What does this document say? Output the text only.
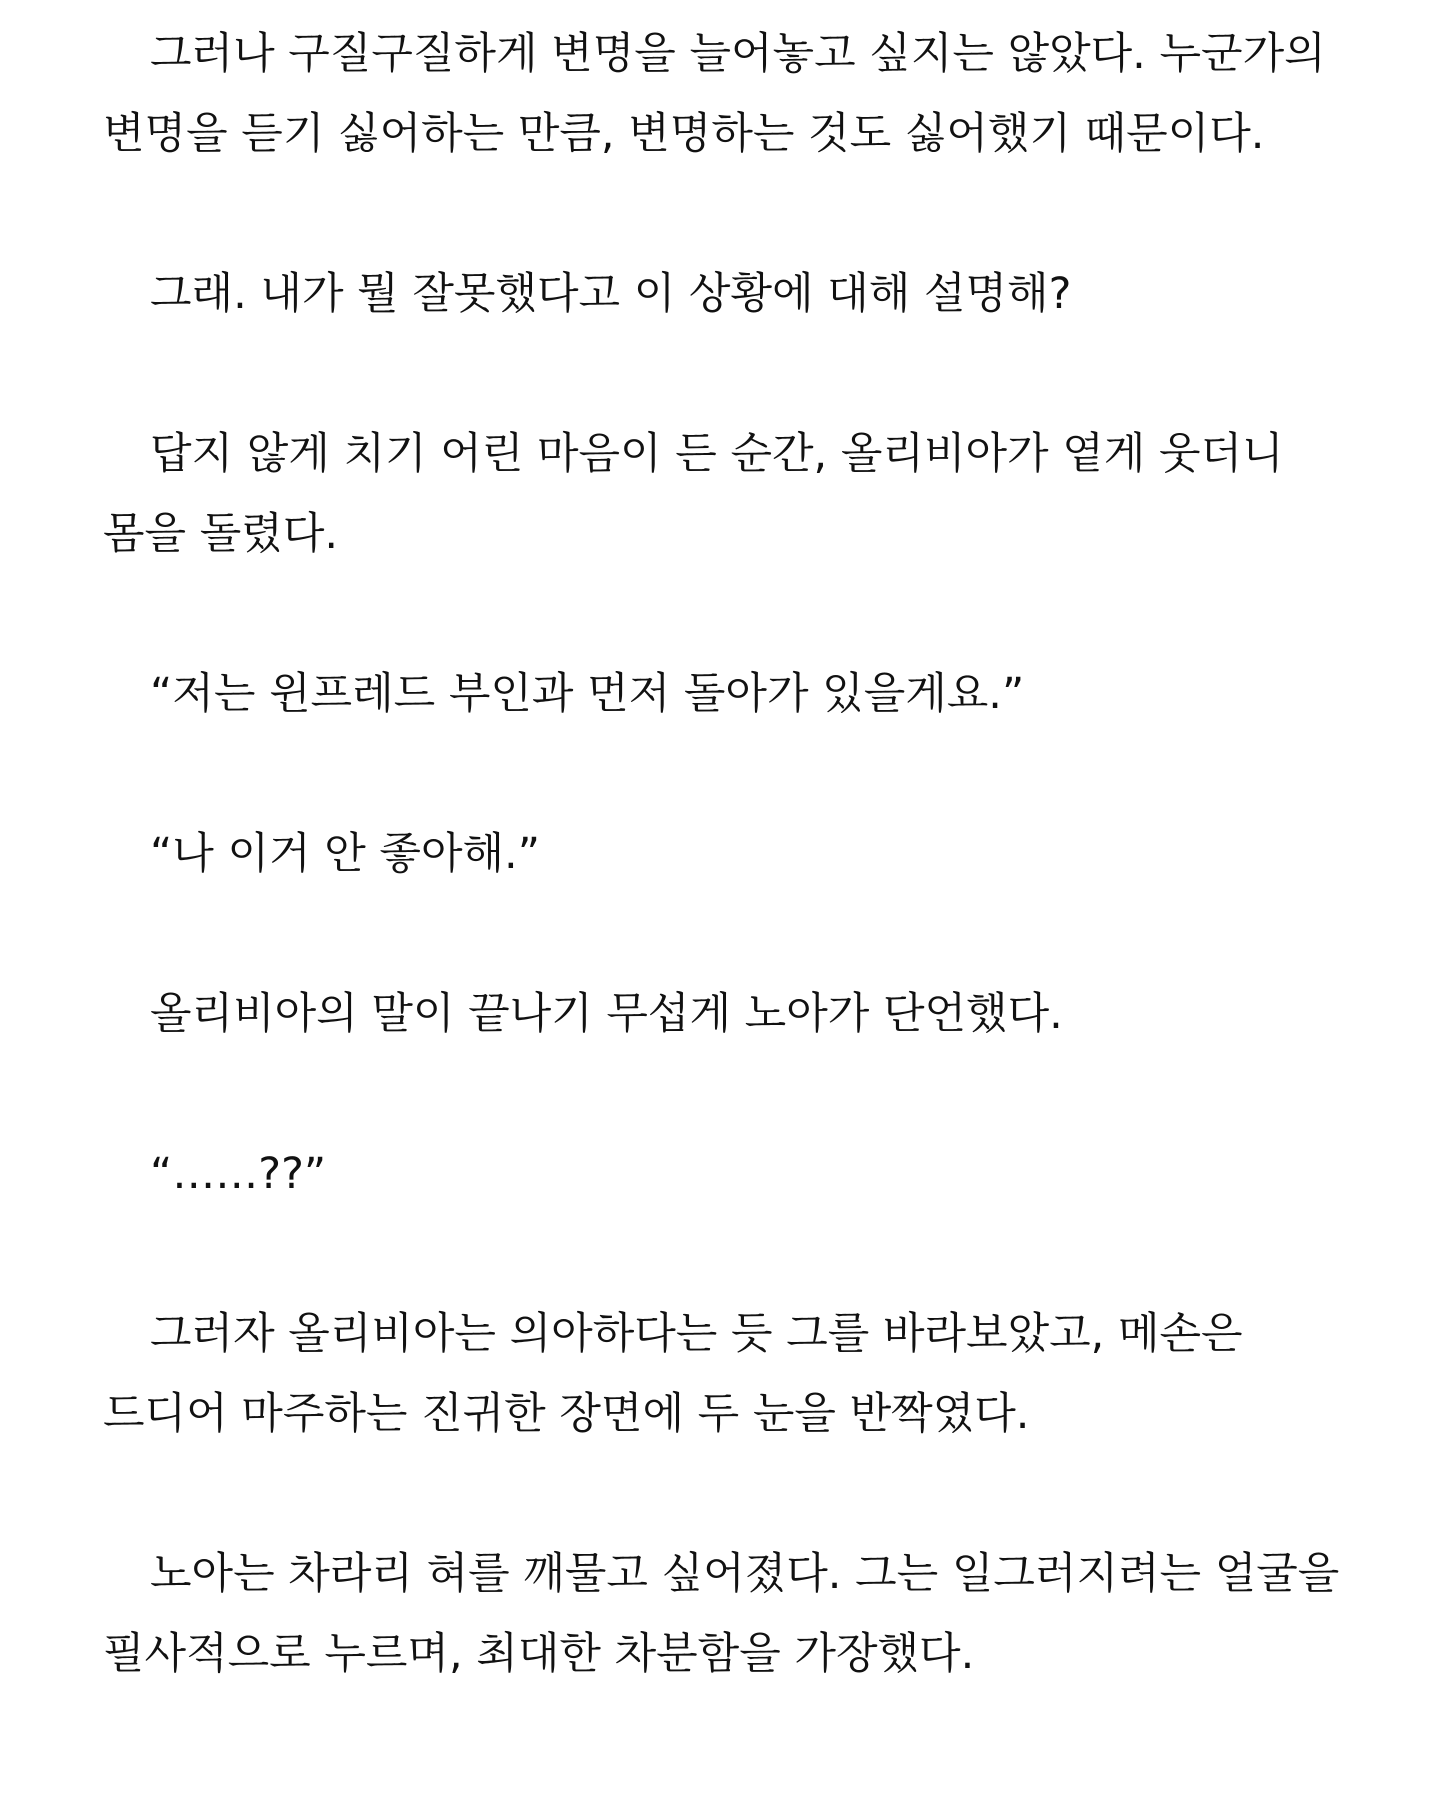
그러나 구질구질하게 변명을 늘어놓고 싶지는 않았다. 누군가의 변명을 듣기 싫어하는 만큼, 변명하는 것도 싫어했기 때문이다.

그래. 내가 뭘 잘못했다고 이 상황에 대해 설명해?

답지 않게 치기 어린 마음이 든 순간, 올리비아가 옅게 웃더니 몸을 돌렸다.

“저는 윈프레드 부인과 먼저 돌아가 있을게요.”

“나 이거 안 좋아해.”

올리비아의 말이 끝나기 무섭게 노아가 단언했다.

“……??”

그러자 올리비아는 의아하다는 듯 그를 바라보았고, 메손은 드디어 마주하는 진귀한 장면에 두 눈을 반짝였다.

노아는 차라리 혀를 깨물고 싶어졌다. 그는 일그러지려는 얼굴을 필사적으로 누르며, 최대한 차분함을 가장했다.
